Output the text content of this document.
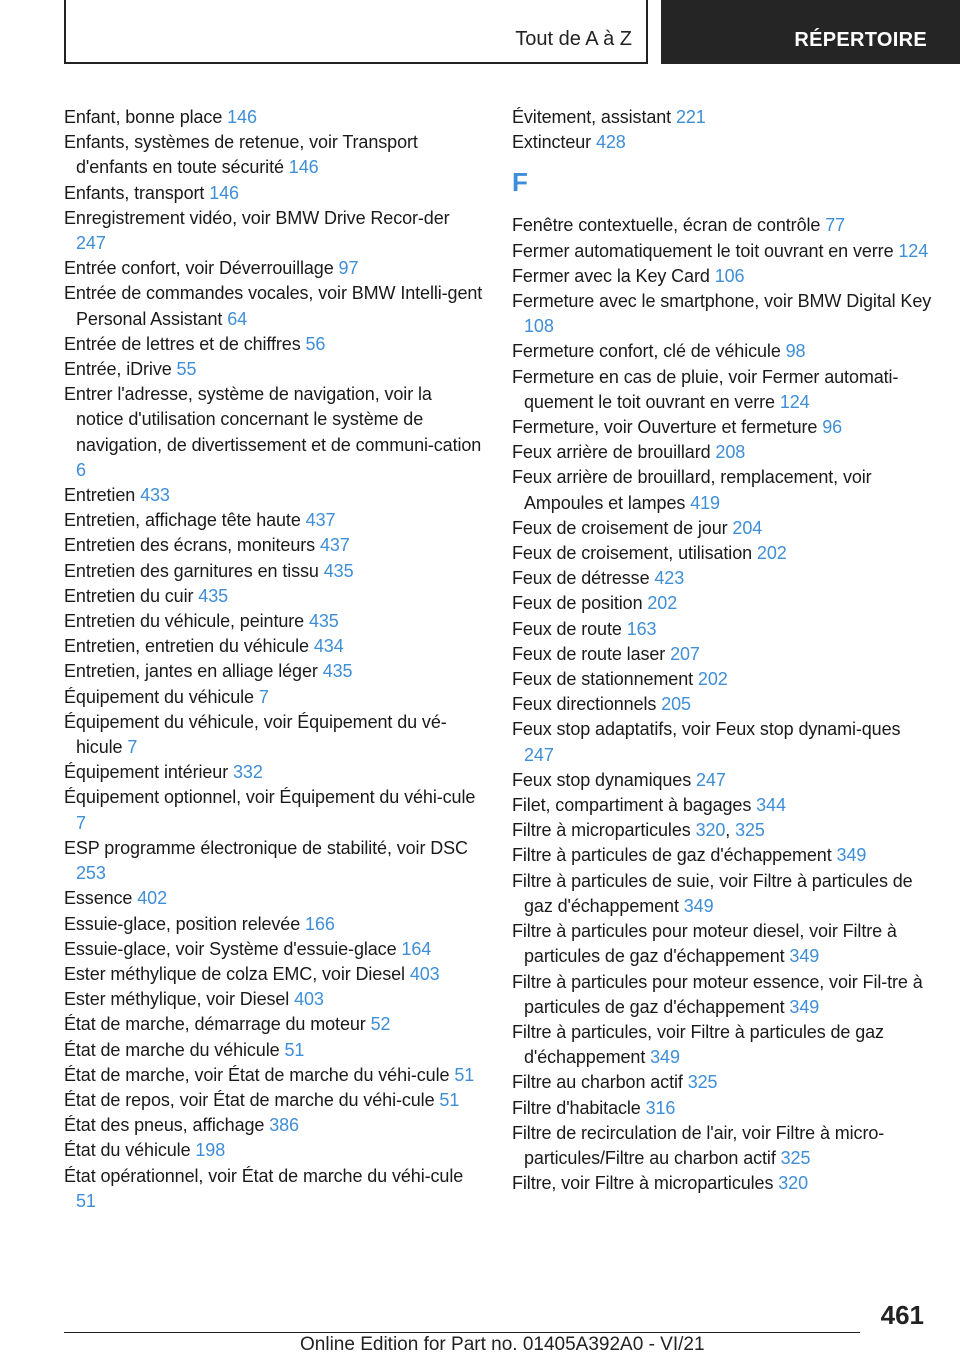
Tout de A à Z	RÉPERTOIRE
Enfant, bonne place 146
Enfants, systèmes de retenue, voir Transport d'enfants en toute sécurité 146
Enfants, transport 146
Enregistrement vidéo, voir BMW Drive Recor-der 247
Entrée confort, voir Déverrouillage 97
Entrée de commandes vocales, voir BMW Intelli-gent Personal Assistant 64
Entrée de lettres et de chiffres 56
Entrée, iDrive 55
Entrer l'adresse, système de navigation, voir la notice d'utilisation concernant le système de navigation, de divertissement et de communi-cation 6
Entretien 433
Entretien, affichage tête haute 437
Entretien des écrans, moniteurs 437
Entretien des garnitures en tissu 435
Entretien du cuir 435
Entretien du véhicule, peinture 435
Entretien, entretien du véhicule 434
Entretien, jantes en alliage léger 435
Équipement du véhicule 7
Équipement du véhicule, voir Équipement du vé-hicule 7
Équipement intérieur 332
Équipement optionnel, voir Équipement du véhi-cule 7
ESP programme électronique de stabilité, voir DSC 253
Essence 402
Essuie-glace, position relevée 166
Essuie-glace, voir Système d'essuie-glace 164
Ester méthylique de colza EMC, voir Diesel 403
Ester méthylique, voir Diesel 403
État de marche, démarrage du moteur 52
État de marche du véhicule 51
État de marche, voir État de marche du véhi-cule 51
État de repos, voir État de marche du véhi-cule 51
État des pneus, affichage 386
État du véhicule 198
État opérationnel, voir État de marche du véhi-cule 51
Évitement, assistant 221
Extincteur 428
F
Fenêtre contextuelle, écran de contrôle 77
Fermer automatiquement le toit ouvrant en verre 124
Fermer avec la Key Card 106
Fermeture avec le smartphone, voir BMW Digital Key 108
Fermeture confort, clé de véhicule 98
Fermeture en cas de pluie, voir Fermer automati-quement le toit ouvrant en verre 124
Fermeture, voir Ouverture et fermeture 96
Feux arrière de brouillard 208
Feux arrière de brouillard, remplacement, voir Ampoules et lampes 419
Feux de croisement de jour 204
Feux de croisement, utilisation 202
Feux de détresse 423
Feux de position 202
Feux de route 163
Feux de route laser 207
Feux de stationnement 202
Feux directionnels 205
Feux stop adaptatifs, voir Feux stop dynami-ques 247
Feux stop dynamiques 247
Filet, compartiment à bagages 344
Filtre à microparticules 320, 325
Filtre à particules de gaz d'échappement 349
Filtre à particules de suie, voir Filtre à particules de gaz d'échappement 349
Filtre à particules pour moteur diesel, voir Filtre à particules de gaz d'échappement 349
Filtre à particules pour moteur essence, voir Fil-tre à particules de gaz d'échappement 349
Filtre à particules, voir Filtre à particules de gaz d'échappement 349
Filtre au charbon actif 325
Filtre d'habitacle 316
Filtre de recirculation de l'air, voir Filtre à micro-particules/Filtre au charbon actif 325
Filtre, voir Filtre à microparticules 320
461
Online Edition for Part no. 01405A392A0 - VI/21
